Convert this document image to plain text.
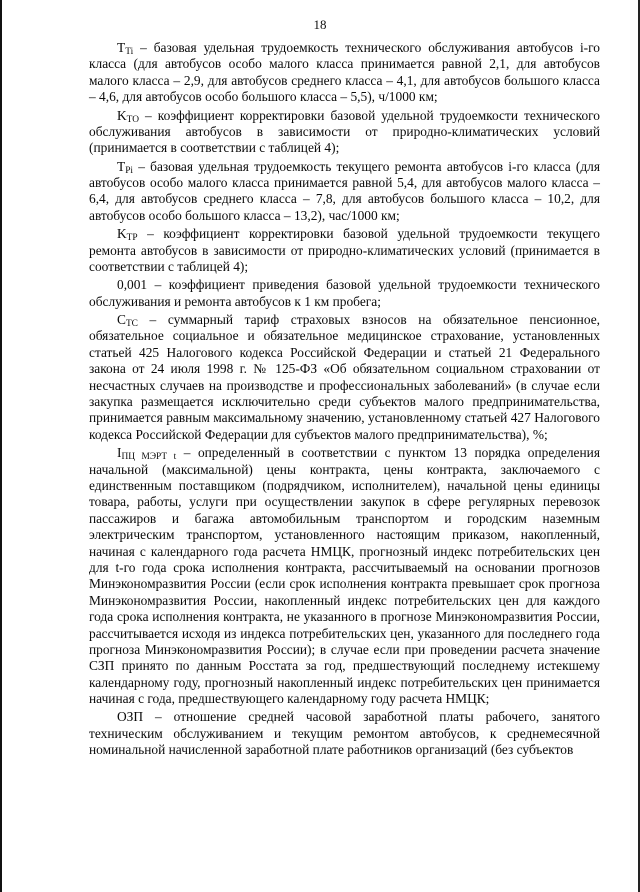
18

$T_{Ti}$ – базовая удельная трудоемкость технического обслуживания автобусов i-го класса (для автобусов особо малого класса принимается равной 2,1, для автобусов малого класса – 2,9, для автобусов среднего класса – 4,1, для автобусов большого класса – 4,6, для автобусов особо большого класса – 5,5), ч/1000 км;

$K_{TO}$ – коэффициент корректировки базовой удельной трудоемкости технического обслуживания автобусов в зависимости от природно-климатических условий (принимается в соответствии с таблицей 4);

$T_{Pi}$ – базовая удельная трудоемкость текущего ремонта автобусов i-го класса (для автобусов особо малого класса принимается равной 5,4, для автобусов малого класса – 6,4, для автобусов среднего класса – 7,8, для автобусов большого класса – 10,2, для автобусов особо большого класса – 13,2), час/1000 км;

$K_{TP}$ – коэффициент корректировки базовой удельной трудоемкости текущего ремонта автобусов в зависимости от природно-климатических условий (принимается в соответствии с таблицей 4);

0,001 – коэффициент приведения базовой удельной трудоемкости технического обслуживания и ремонта автобусов к 1 км пробега;

$C_{TC}$ – суммарный тариф страховых взносов на обязательное пенсионное, обязательное социальное и обязательное медицинское страхование, установленных статьей 425 Налогового кодекса Российской Федерации и статьей 21 Федерального закона от 24 июля 1998 г. № 125-ФЗ «Об обязательном социальном страховании от несчастных случаев на производстве и профессиональных заболеваний» (в случае если закупка размещается исключительно среди субъектов малого предпринимательства, принимается равным максимальному значению, установленному статьей 427 Налогового кодекса Российской Федерации для субъектов малого предпринимательства), %;

$I_{ПЦ МЭРТ t}$ – определенный в соответствии с пунктом 13 порядка определения начальной (максимальной) цены контракта, цены контракта, заключаемого с единственным поставщиком (подрядчиком, исполнителем), начальной цены единицы товара, работы, услуги при осуществлении закупок в сфере регулярных перевозок пассажиров и багажа автомобильным транспортом и городским наземным электрическим транспортом, установленного настоящим приказом, накопленный, начиная с календарного года расчета НМЦК, прогнозный индекс потребительских цен для t-го года срока исполнения контракта, рассчитываемый на основании прогнозов Минэкономразвития России (если срок исполнения контракта превышает срок прогноза Минэкономразвития России, накопленный индекс потребительских цен для каждого года срока исполнения контракта, не указанного в прогнозе Минэкономразвития России, рассчитывается исходя из индекса потребительских цен, указанного для последнего года прогноза Минэкономразвития России); в случае если при проведении расчета значение СЗП принято по данным Росстата за год, предшествующий последнему истекшему календарному году, прогнозный накопленный индекс потребительских цен принимается начиная с года, предшествующего календарному году расчета НМЦК;

ОЗП – отношение средней часовой заработной платы рабочего, занятого техническим обслуживанием и текущим ремонтом автобусов, к среднемесячной номинальной начисленной заработной плате работников организаций (без субъектов
